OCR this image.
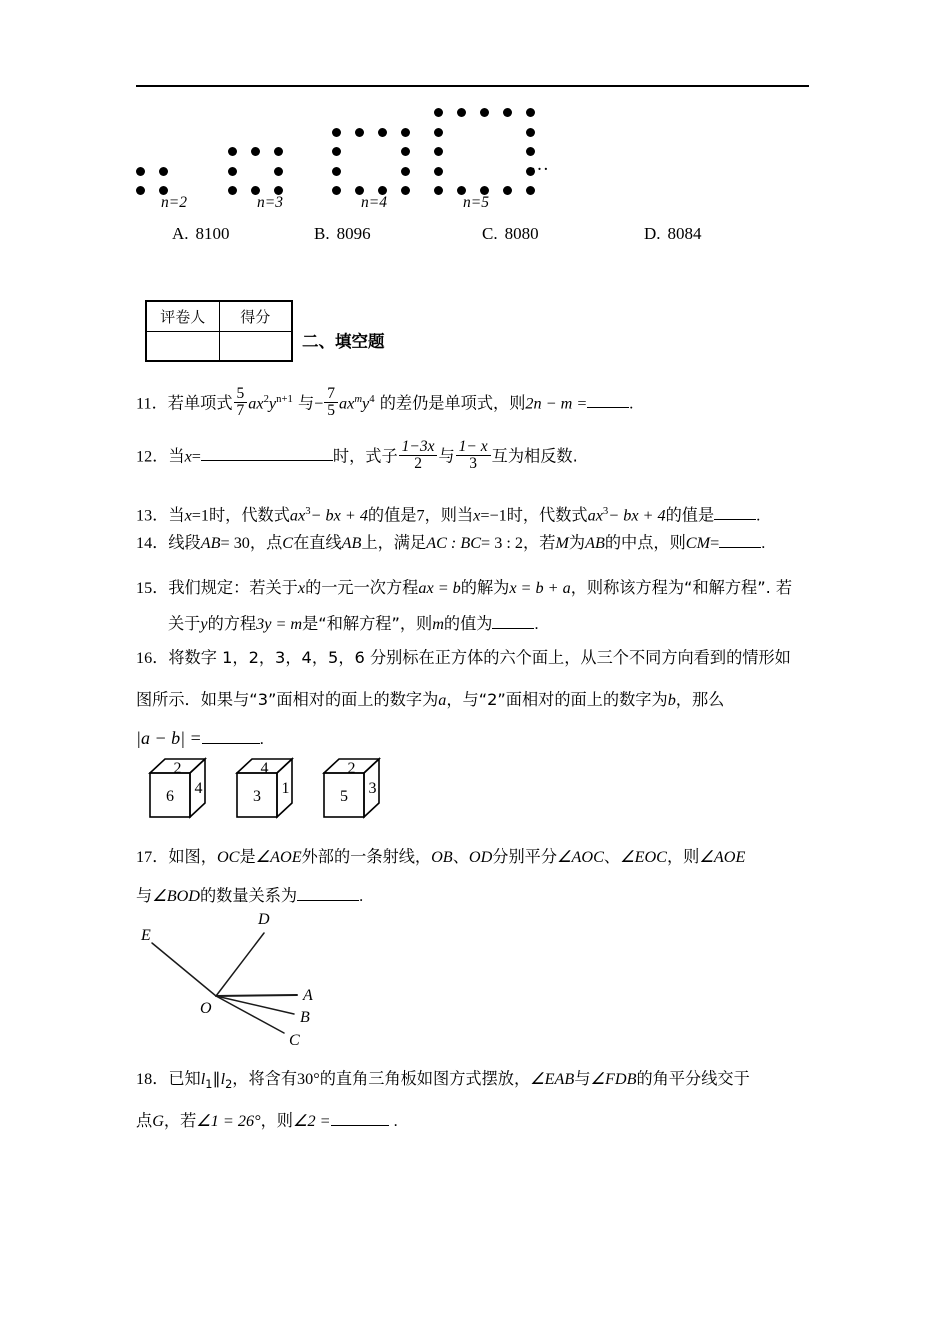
n=2	n=3	n=4	n=5
…
A. 8100	B. 8096	C. 8080	D. 8084
评卷人	得分

二、填空题
11．若单项式 $\frac{5}{7} ax^2y^{n+1}$ 与− $\frac{7}{5} ax^my^4$ 的差仍是单项式，则2n − m =	.
12．当x=	时，式子 $\frac{1-3x}{2}$ 与 $\frac{1- x}{3}$ 互为相反数.
13．当x=1时，代数式$ax^3-$ bx + 4的值是7，则当x=−1时，代数式$ax^3-$ bx + 4的值是	.
14．线段AB= 30，点C在直线AB上，满足AC : BC= 3 : 2，若M为AB的中点，则CM=	.
15．我们规定：若关于x的一元一次方程ax = b的解为x = b + a，则称该方程为“和解方程”. 若
关于y的方程3y = m是“和解方程”，则m的值为	.
16．将数字 1，2，3，4，5，6 分别标在正方体的六个面上，从三个不同方向看到的情形如
图所示．如果与“3”面相对的面上的数字为a，与“2”面相对的面上的数字为b，那么
|a − b| =	.
6
2
4	3
4
1	5
2
3
17．如图，OC是∠AOE外部的一条射线，OB、OD分别平分∠AOC、∠EOC，则∠AOE
与∠BOD的数量关系为	.
D
E
O
A
B
C
18．已知$l_1\parallel l_2$，将含有30°的直角三角板如图方式摆放，∠EAB与∠FDB的角平分线交于
点G，若∠1 = 26°，则∠2 =	.
